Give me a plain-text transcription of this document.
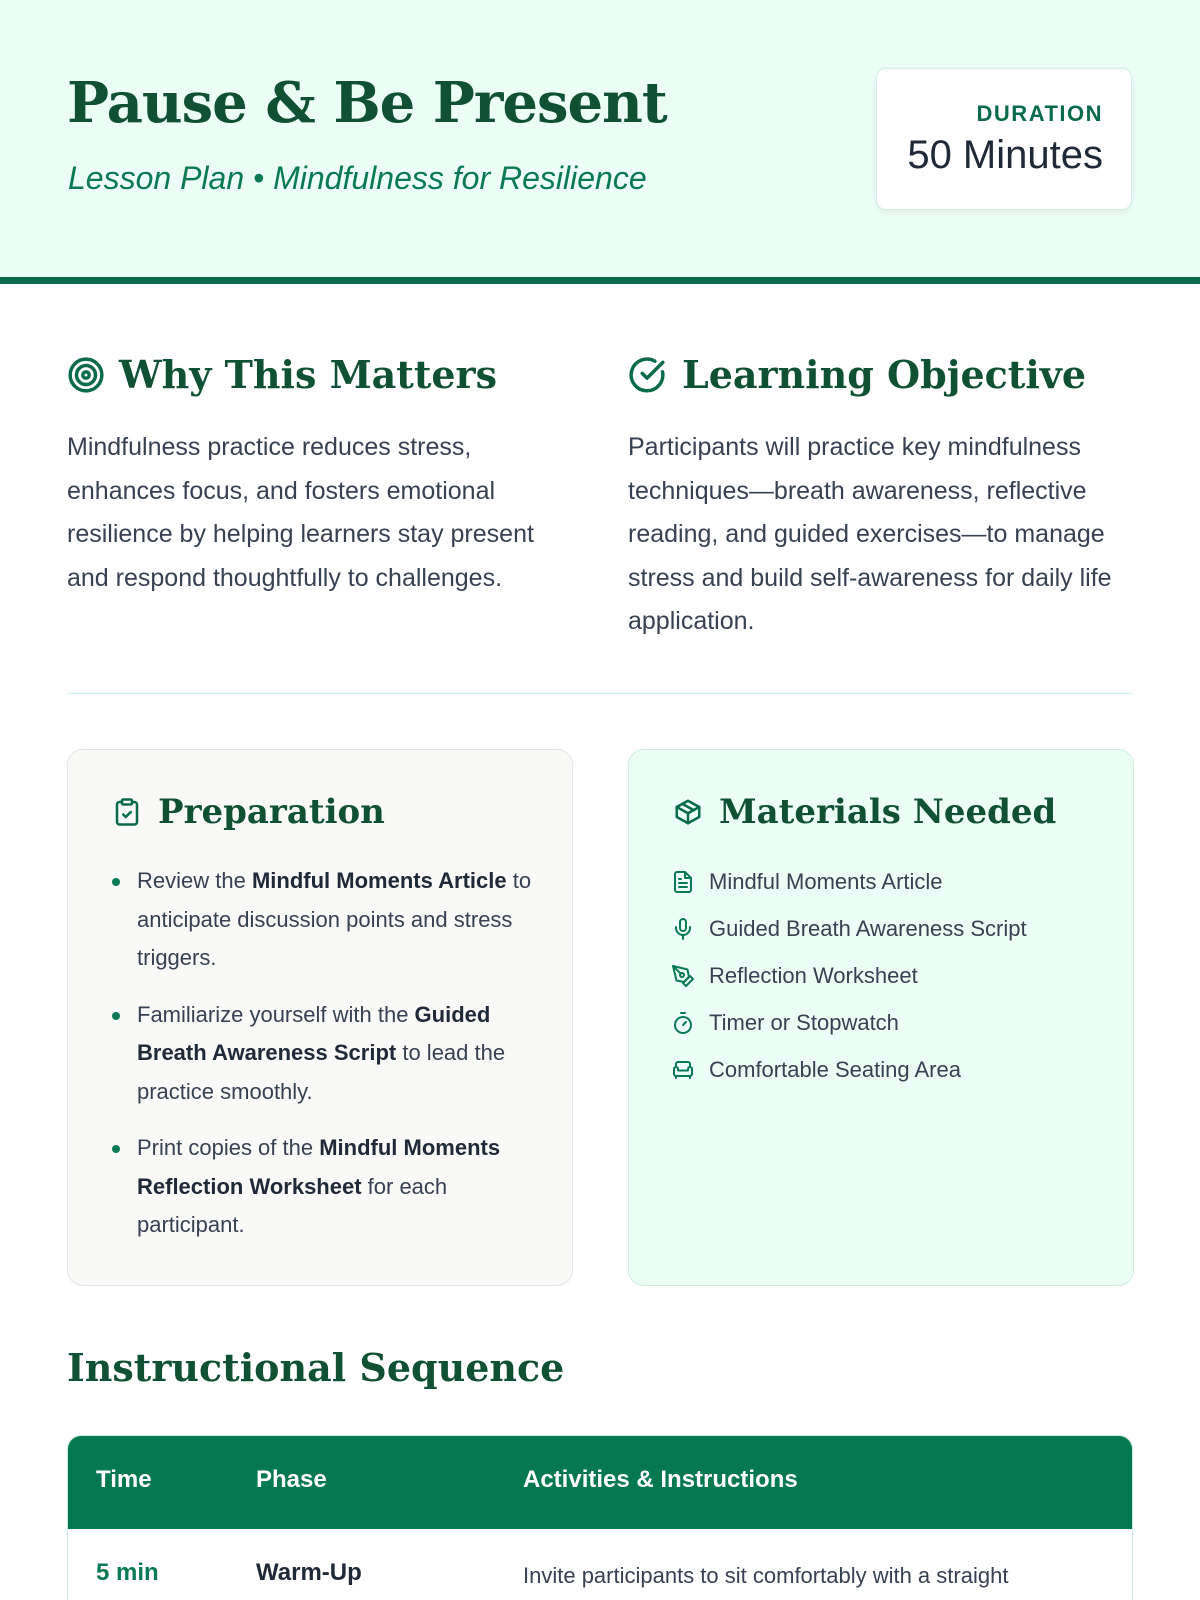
Pause & Be Present
Lesson Plan • Mindfulness for Resilience
DURATION
50 Minutes
Why This Matters
Mindfulness practice reduces stress, enhances focus, and fosters emotional resilience by helping learners stay present and respond thoughtfully to challenges.
Learning Objective
Participants will practice key mindfulness techniques—breath awareness, reflective reading, and guided exercises—to manage stress and build self-awareness for daily life application.
Preparation
Review the Mindful Moments Article to anticipate discussion points and stress triggers.
Familiarize yourself with the Guided Breath Awareness Script to lead the practice smoothly.
Print copies of the Mindful Moments Reflection Worksheet for each participant.
Materials Needed
Mindful Moments Article
Guided Breath Awareness Script
Reflection Worksheet
Timer or Stopwatch
Comfortable Seating Area
Instructional Sequence
Time	Phase	Activities & Instructions
5 min	Warm-Up	Invite participants to sit comfortably with a straight
